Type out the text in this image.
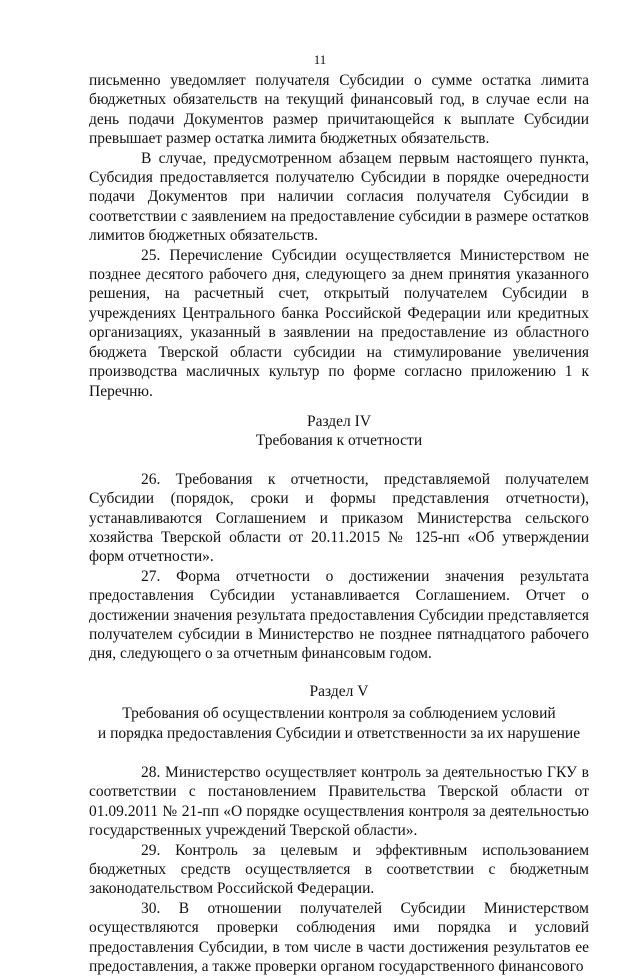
11

письменно уведомляет получателя Субсидии о сумме остатка лимита бюджетных обязательств на текущий финансовый год, в случае если на день подачи Документов размер причитающейся к выплате Субсидии превышает размер остатка лимита бюджетных обязательств.

В случае, предусмотренном абзацем первым настоящего пункта, Субсидия предоставляется получателю Субсидии в порядке очередности подачи Документов при наличии согласия получателя Субсидии в соответствии с заявлением на предоставление субсидии в размере остатков лимитов бюджетных обязательств.

25. Перечисление Субсидии осуществляется Министерством не позднее десятого рабочего дня, следующего за днем принятия указанного решения, на расчетный счет, открытый получателем Субсидии в учреждениях Центрального банка Российской Федерации или кредитных организациях, указанный в заявлении на предоставление из областного бюджета Тверской области субсидии на стимулирование увеличения производства масличных культур по форме согласно приложению 1 к Перечню.

Раздел IV

Требования к отчетности

26. Требования к отчетности, представляемой получателем Субсидии (порядок, сроки и формы представления отчетности), устанавливаются Соглашением и приказом Министерства сельского хозяйства Тверской области от 20.11.2015 № 125-нп «Об утверждении форм отчетности».

27. Форма отчетности о достижении значения результата предоставления Субсидии устанавливается Соглашением. Отчет о достижении значения результата предоставления Субсидии представляется получателем субсидии в Министерство не позднее пятнадцатого рабочего дня, следующего о за отчетным финансовым годом.

Раздел V

Требования об осуществлении контроля за соблюдением условий

и порядка предоставления Субсидии и ответственности за их нарушение

28. Министерство осуществляет контроль за деятельностью ГКУ в соответствии с постановлением Правительства Тверской области от 01.09.2011 № 21-пп «О порядке осуществления контроля за деятельностью государственных учреждений Тверской области».

29. Контроль за целевым и эффективным использованием бюджетных средств осуществляется в соответствии с бюджетным законодательством Российской Федерации.

30. В отношении получателей Субсидии Министерством осуществляются проверки соблюдения ими порядка и условий предоставления Субсидии, в том числе в части достижения результатов ее предоставления, а также проверки органом государственного финансового
